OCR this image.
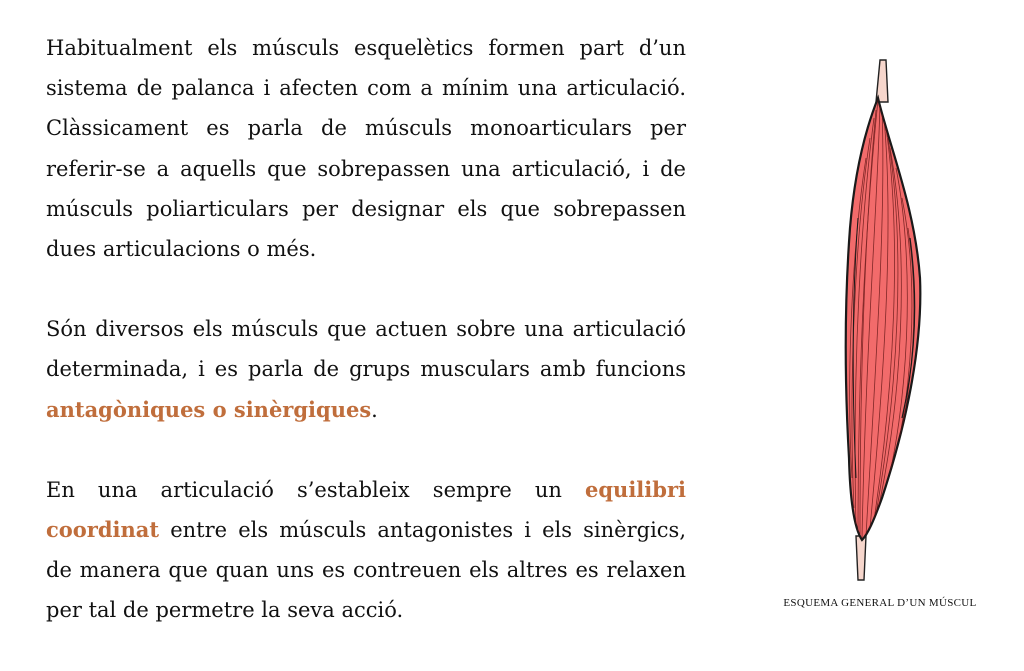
Habitualment els músculs esquelètics formen part d’un sistema de palanca i afecten com a mínim una articulació. Clàssicament es parla de músculs monoarticulars per referir-se a aquells que sobrepassen una articulació, i de músculs poliarticulars per designar els que sobrepassen dues articulacions o més.

Són diversos els músculs que actuen sobre una articulació determinada, i es parla de grups musculars amb funcions antagòniques o sinèrgiques.

En una articulació s’estableix sempre un equilibri coordinat entre els músculs antagonistes i els sinèrgics, de manera que quan uns es contreuen els altres es relaxen per tal de permetre la seva acció.	ESQUEMA GENERAL D’UN MÚSCUL
